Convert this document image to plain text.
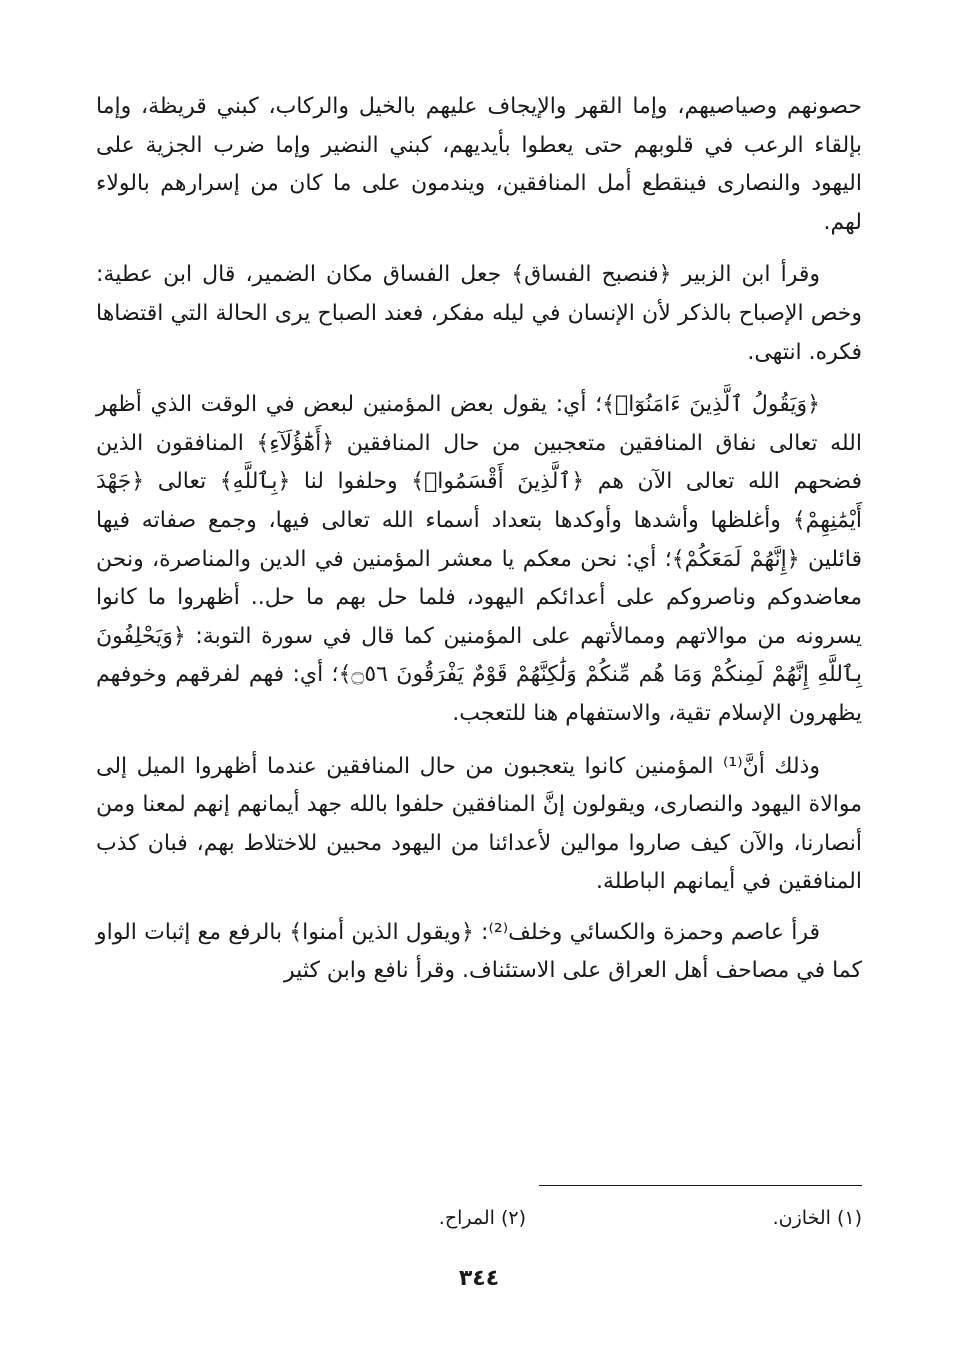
حصونهم وصياصيهم، وإما القهر والإيجاف عليهم بالخيل والركاب، كبني قريظة، وإما بإلقاء الرعب في قلوبهم حتى يعطوا بأيديهم، كبني النضير وإما ضرب الجزية على اليهود والنصارى فينقطع أمل المنافقين، ويندمون على ما كان من إسرارهم بالولاء لهم.

وقرأ ابن الزبير ﴿فنصبح الفساق﴾ جعل الفساق مكان الضمير، قال ابن عطية: وخص الإصباح بالذكر لأن الإنسان في ليله مفكر، فعند الصباح يرى الحالة التي اقتضاها فكره. انتهى.

﴿وَيَقُولُ ٱلَّذِينَ ءَامَنُوٓا۟﴾؛ أي: يقول بعض المؤمنين لبعض في الوقت الذي أظهر الله تعالى نفاق المنافقين متعجبين من حال المنافقين ﴿أَهَٰٓؤُلَآءِ﴾ المنافقون الذين فضحهم الله تعالى الآن هم ﴿ٱلَّذِينَ أَقْسَمُوا۟﴾ وحلفوا لنا ﴿بِٱللَّهِ﴾ تعالى ﴿جَهْدَ أَيْمَٰنِهِمْ﴾ وأغلظها وأشدها وأوكدها بتعداد أسماء الله تعالى فيها، وجمع صفاته فيها قائلين ﴿إِنَّهُمْ لَمَعَكُمْ﴾؛ أي: نحن معكم يا معشر المؤمنين في الدين والمناصرة، ونحن معاضدوكم وناصروكم على أعدائكم اليهود، فلما حل بهم ما حل.. أظهروا ما كانوا يسرونه من موالاتهم وممالأتهم على المؤمنين كما قال في سورة التوبة: ﴿وَيَحْلِفُونَ بِٱللَّهِ إِنَّهُمْ لَمِنكُمْ وَمَا هُم مِّنكُمْ وَلَٰكِنَّهُمْ قَوْمٌ يَفْرَقُونَ ۝٥٦﴾؛ أي: فهم لفرقهم وخوفهم يظهرون الإسلام تقية، والاستفهام هنا للتعجب.

وذلك أنَّ⁽¹⁾ المؤمنين كانوا يتعجبون من حال المنافقين عندما أظهروا الميل إلى موالاة اليهود والنصارى، ويقولون إنَّ المنافقين حلفوا بالله جهد أيمانهم إنهم لمعنا ومن أنصارنا، والآن كيف صاروا موالين لأعدائنا من اليهود محبين للاختلاط بهم، فبان كذب المنافقين في أيمانهم الباطلة.

قرأ عاصم وحمزة والكسائي وخلف⁽²⁾: ﴿ويقول الذين أمنوا﴾ بالرفع مع إثبات الواو كما في مصاحف أهل العراق على الاستئناف. وقرأ نافع وابن كثير

(١) الخازن.
(٢) المراح.
٣٤٤
